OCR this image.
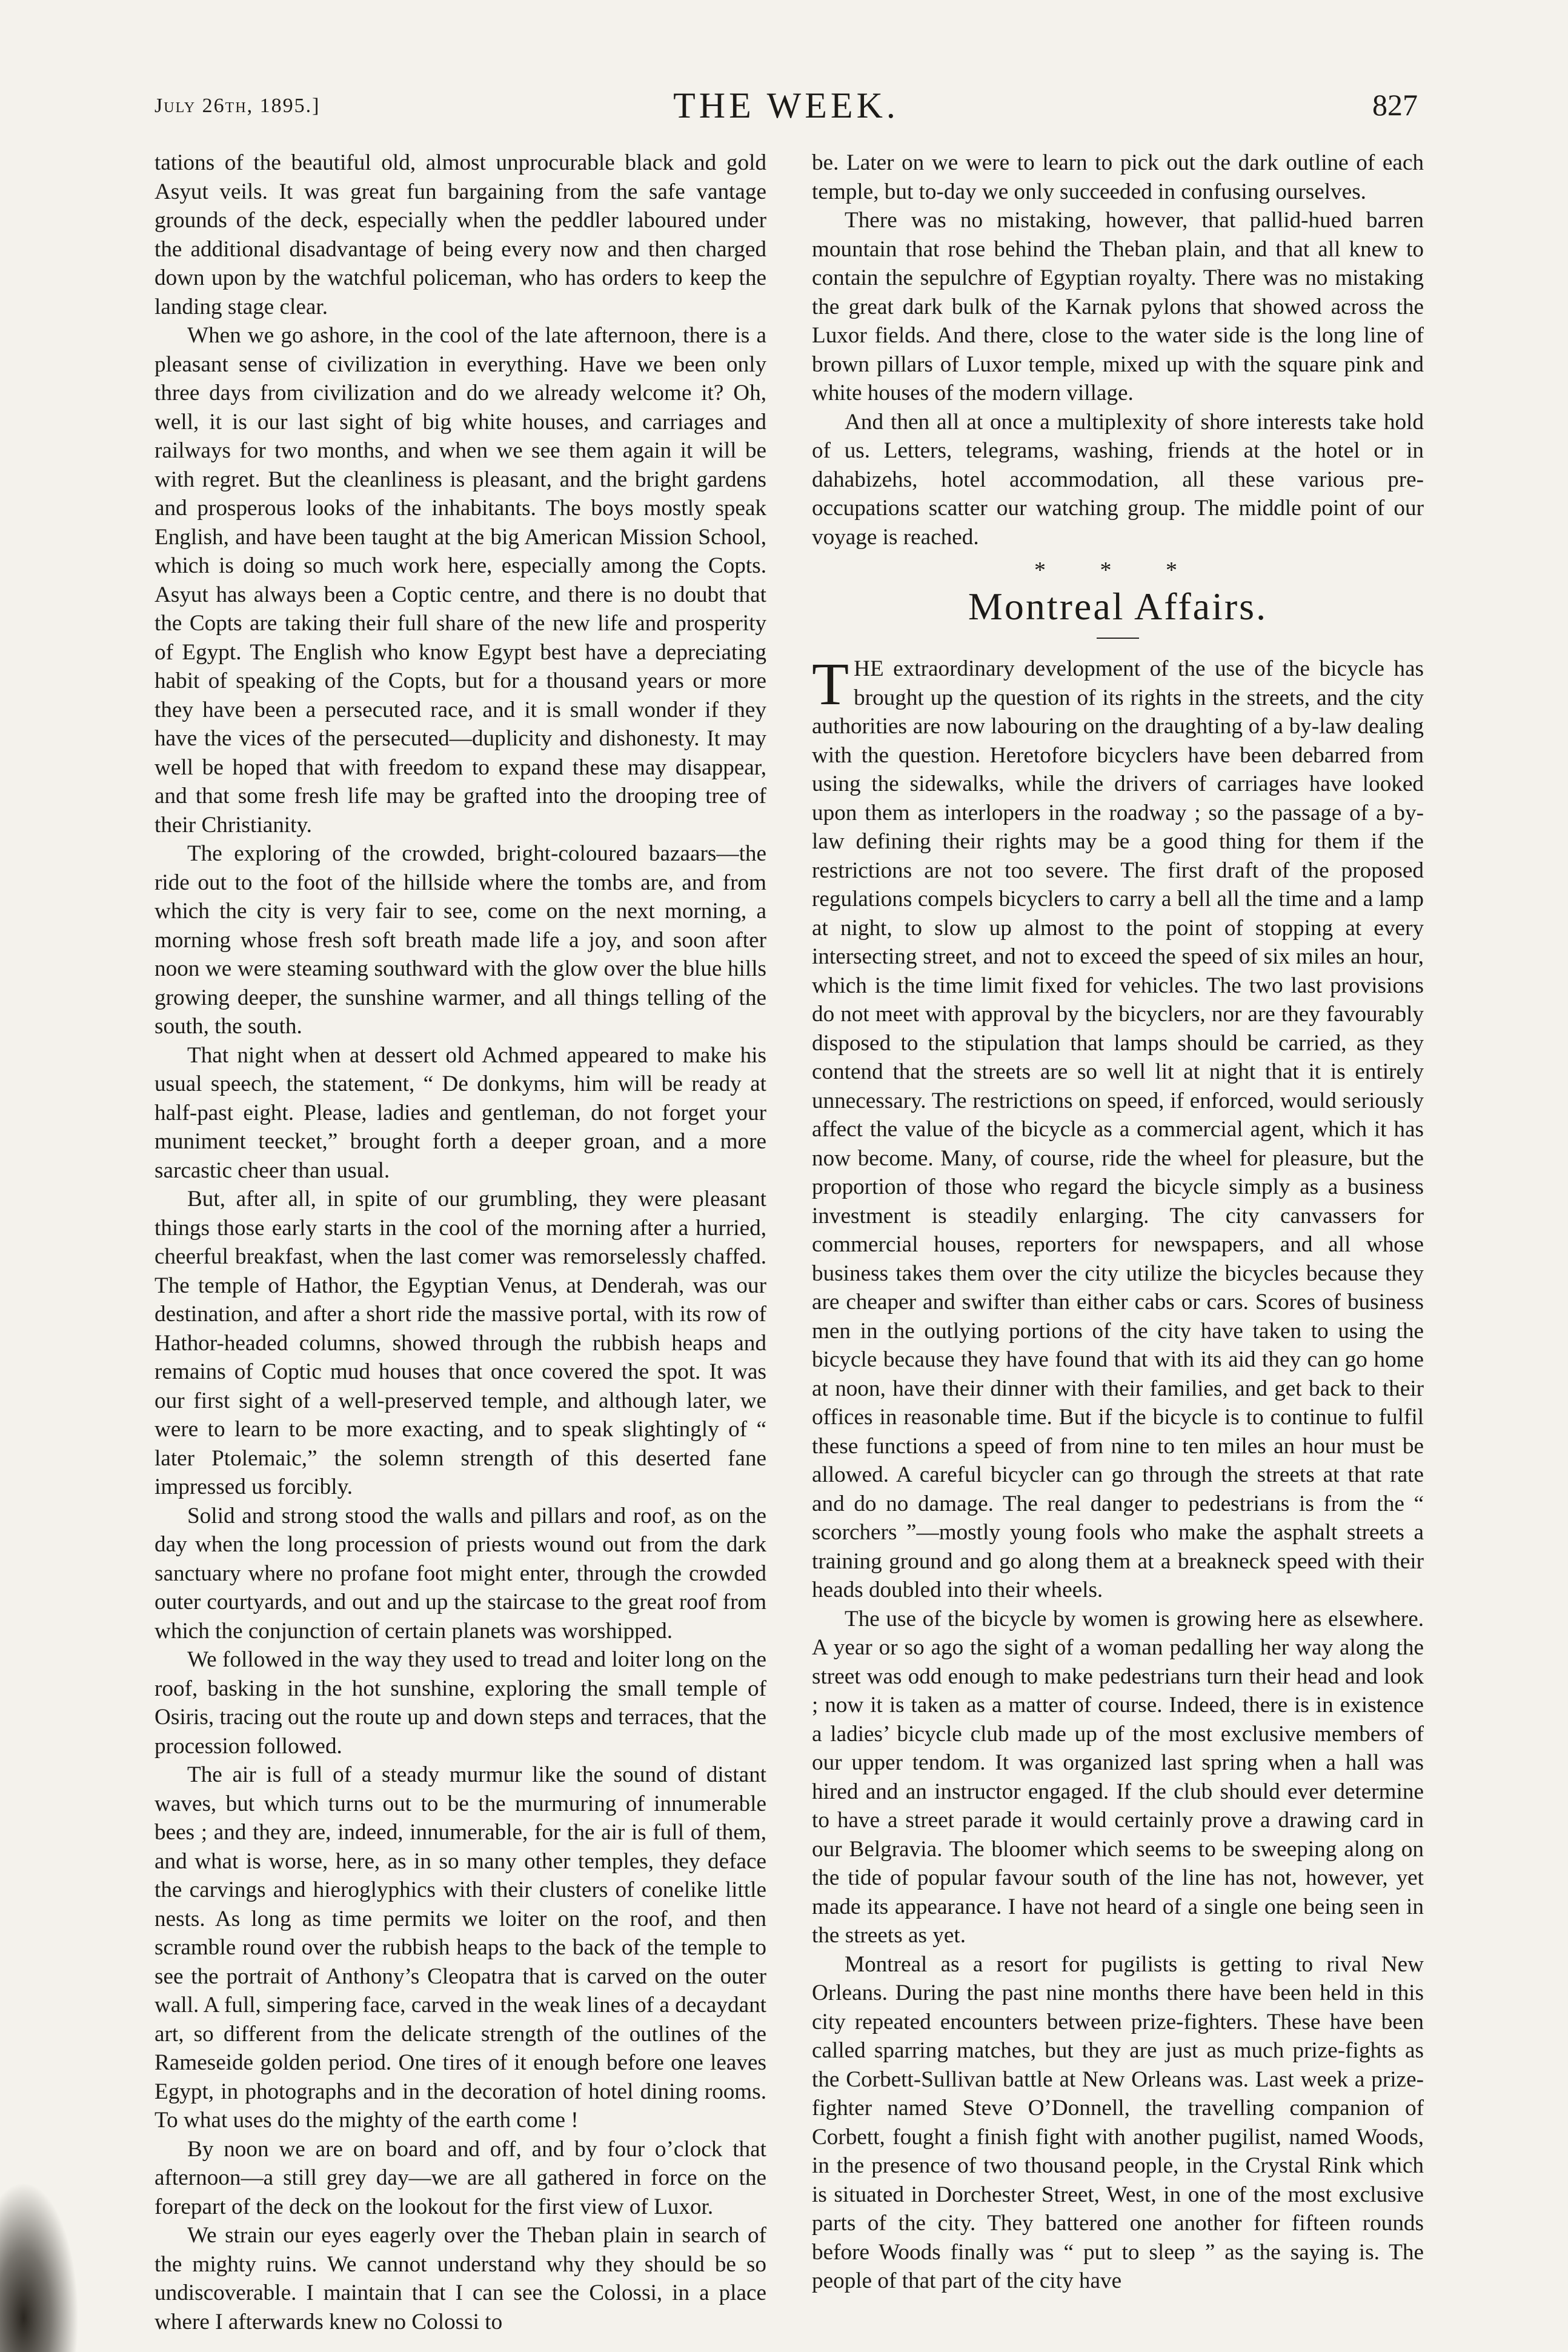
July 26th, 1895.]	THE WEEK.	827

tations of the beautiful old, almost unprocurable black and gold Asyut veils. It was great fun bargaining from the safe vantage grounds of the deck, especially when the peddler laboured under the additional disadvantage of being every now and then charged down upon by the watchful policeman, who has orders to keep the landing stage clear.

When we go ashore, in the cool of the late afternoon, there is a pleasant sense of civilization in everything. Have we been only three days from civilization and do we already welcome it? Oh, well, it is our last sight of big white houses, and carriages and railways for two months, and when we see them again it will be with regret. But the cleanliness is pleasant, and the bright gardens and prosperous looks of the inhabitants. The boys mostly speak English, and have been taught at the big American Mission School, which is doing so much work here, especially among the Copts. Asyut has always been a Coptic centre, and there is no doubt that the Copts are taking their full share of the new life and prosperity of Egypt. The English who know Egypt best have a depreciating habit of speaking of the Copts, but for a thousand years or more they have been a persecuted race, and it is small wonder if they have the vices of the persecuted—duplicity and dishonesty. It may well be hoped that with freedom to expand these may disappear, and that some fresh life may be grafted into the drooping tree of their Christianity.

The exploring of the crowded, bright-coloured bazaars—the ride out to the foot of the hillside where the tombs are, and from which the city is very fair to see, come on the next morning, a morning whose fresh soft breath made life a joy, and soon after noon we were steaming southward with the glow over the blue hills growing deeper, the sunshine warmer, and all things telling of the south, the south.

That night when at dessert old Achmed appeared to make his usual speech, the statement, “ De donkyms, him will be ready at half-past eight. Please, ladies and gentleman, do not forget your muniment teecket,” brought forth a deeper groan, and a more sarcastic cheer than usual.

But, after all, in spite of our grumbling, they were pleasant things those early starts in the cool of the morning after a hurried, cheerful breakfast, when the last comer was remorselessly chaffed. The temple of Hathor, the Egyptian Venus, at Denderah, was our destination, and after a short ride the massive portal, with its row of Hathor-headed columns, showed through the rubbish heaps and remains of Coptic mud houses that once covered the spot. It was our first sight of a well-preserved temple, and although later, we were to learn to be more exacting, and to speak slightingly of “ later Ptolemaic,” the solemn strength of this deserted fane impressed us forcibly.

Solid and strong stood the walls and pillars and roof, as on the day when the long procession of priests wound out from the dark sanctuary where no profane foot might enter, through the crowded outer courtyards, and out and up the staircase to the great roof from which the conjunction of certain planets was worshipped.

We followed in the way they used to tread and loiter long on the roof, basking in the hot sunshine, exploring the small temple of Osiris, tracing out the route up and down steps and terraces, that the procession followed.

The air is full of a steady murmur like the sound of distant waves, but which turns out to be the murmuring of innumerable bees ; and they are, indeed, innumerable, for the air is full of them, and what is worse, here, as in so many other temples, they deface the carvings and hieroglyphics with their clusters of conelike little nests. As long as time permits we loiter on the roof, and then scramble round over the rubbish heaps to the back of the temple to see the portrait of Anthony’s Cleopatra that is carved on the outer wall. A full, simpering face, carved in the weak lines of a decaydant art, so different from the delicate strength of the outlines of the Rameseide golden period. One tires of it enough before one leaves Egypt, in photographs and in the decoration of hotel dining rooms. To what uses do the mighty of the earth come !

By noon we are on board and off, and by four o’clock that afternoon—a still grey day—we are all gathered in force on the forepart of the deck on the lookout for the first view of Luxor.

We strain our eyes eagerly over the Theban plain in search of the mighty ruins. We cannot understand why they should be so undiscoverable. I maintain that I can see the Colossi, in a place where I afterwards knew no Colossi to

be. Later on we were to learn to pick out the dark outline of each temple, but to-day we only succeeded in confusing ourselves.

There was no mistaking, however, that pallid-hued barren mountain that rose behind the Theban plain, and that all knew to contain the sepulchre of Egyptian royalty. There was no mistaking the great dark bulk of the Karnak pylons that showed across the Luxor fields. And there, close to the water side is the long line of brown pillars of Luxor temple, mixed up with the square pink and white houses of the modern village.

And then all at once a multiplexity of shore interests take hold of us. Letters, telegrams, washing, friends at the hotel or in dahabizehs, hotel accommodation, all these various pre-occupations scatter our watching group. The middle point of our voyage is reached.

* * *
Montreal Affairs.

THE extraordinary development of the use of the bicycle has brought up the question of its rights in the streets, and the city authorities are now labouring on the draughting of a by-law dealing with the question. Heretofore bicyclers have been debarred from using the sidewalks, while the drivers of carriages have looked upon them as interlopers in the roadway ; so the passage of a by-law defining their rights may be a good thing for them if the restrictions are not too severe. The first draft of the proposed regulations compels bicyclers to carry a bell all the time and a lamp at night, to slow up almost to the point of stopping at every intersecting street, and not to exceed the speed of six miles an hour, which is the time limit fixed for vehicles. The two last provisions do not meet with approval by the bicyclers, nor are they favourably disposed to the stipulation that lamps should be carried, as they contend that the streets are so well lit at night that it is entirely unnecessary. The restrictions on speed, if enforced, would seriously affect the value of the bicycle as a commercial agent, which it has now become. Many, of course, ride the wheel for pleasure, but the proportion of those who regard the bicycle simply as a business investment is steadily enlarging. The city canvassers for commercial houses, reporters for newspapers, and all whose business takes them over the city utilize the bicycles because they are cheaper and swifter than either cabs or cars. Scores of business men in the outlying portions of the city have taken to using the bicycle because they have found that with its aid they can go home at noon, have their dinner with their families, and get back to their offices in reasonable time. But if the bicycle is to continue to fulfil these functions a speed of from nine to ten miles an hour must be allowed. A careful bicycler can go through the streets at that rate and do no damage. The real danger to pedestrians is from the “ scorchers ”—mostly young fools who make the asphalt streets a training ground and go along them at a breakneck speed with their heads doubled into their wheels.

The use of the bicycle by women is growing here as elsewhere. A year or so ago the sight of a woman pedalling her way along the street was odd enough to make pedestrians turn their head and look ; now it is taken as a matter of course. Indeed, there is in existence a ladies’ bicycle club made up of the most exclusive members of our upper tendom. It was organized last spring when a hall was hired and an instructor engaged. If the club should ever determine to have a street parade it would certainly prove a drawing card in our Belgravia. The bloomer which seems to be sweeping along on the tide of popular favour south of the line has not, however, yet made its appearance. I have not heard of a single one being seen in the streets as yet.

Montreal as a resort for pugilists is getting to rival New Orleans. During the past nine months there have been held in this city repeated encounters between prize-fighters. These have been called sparring matches, but they are just as much prize-fights as the Corbett-Sullivan battle at New Orleans was. Last week a prize-fighter named Steve O’Donnell, the travelling companion of Corbett, fought a finish fight with another pugilist, named Woods, in the presence of two thousand people, in the Crystal Rink which is situated in Dorchester Street, West, in one of the most exclusive parts of the city. They battered one another for fifteen rounds before Woods finally was “ put to sleep ” as the saying is. The people of that part of the city have
